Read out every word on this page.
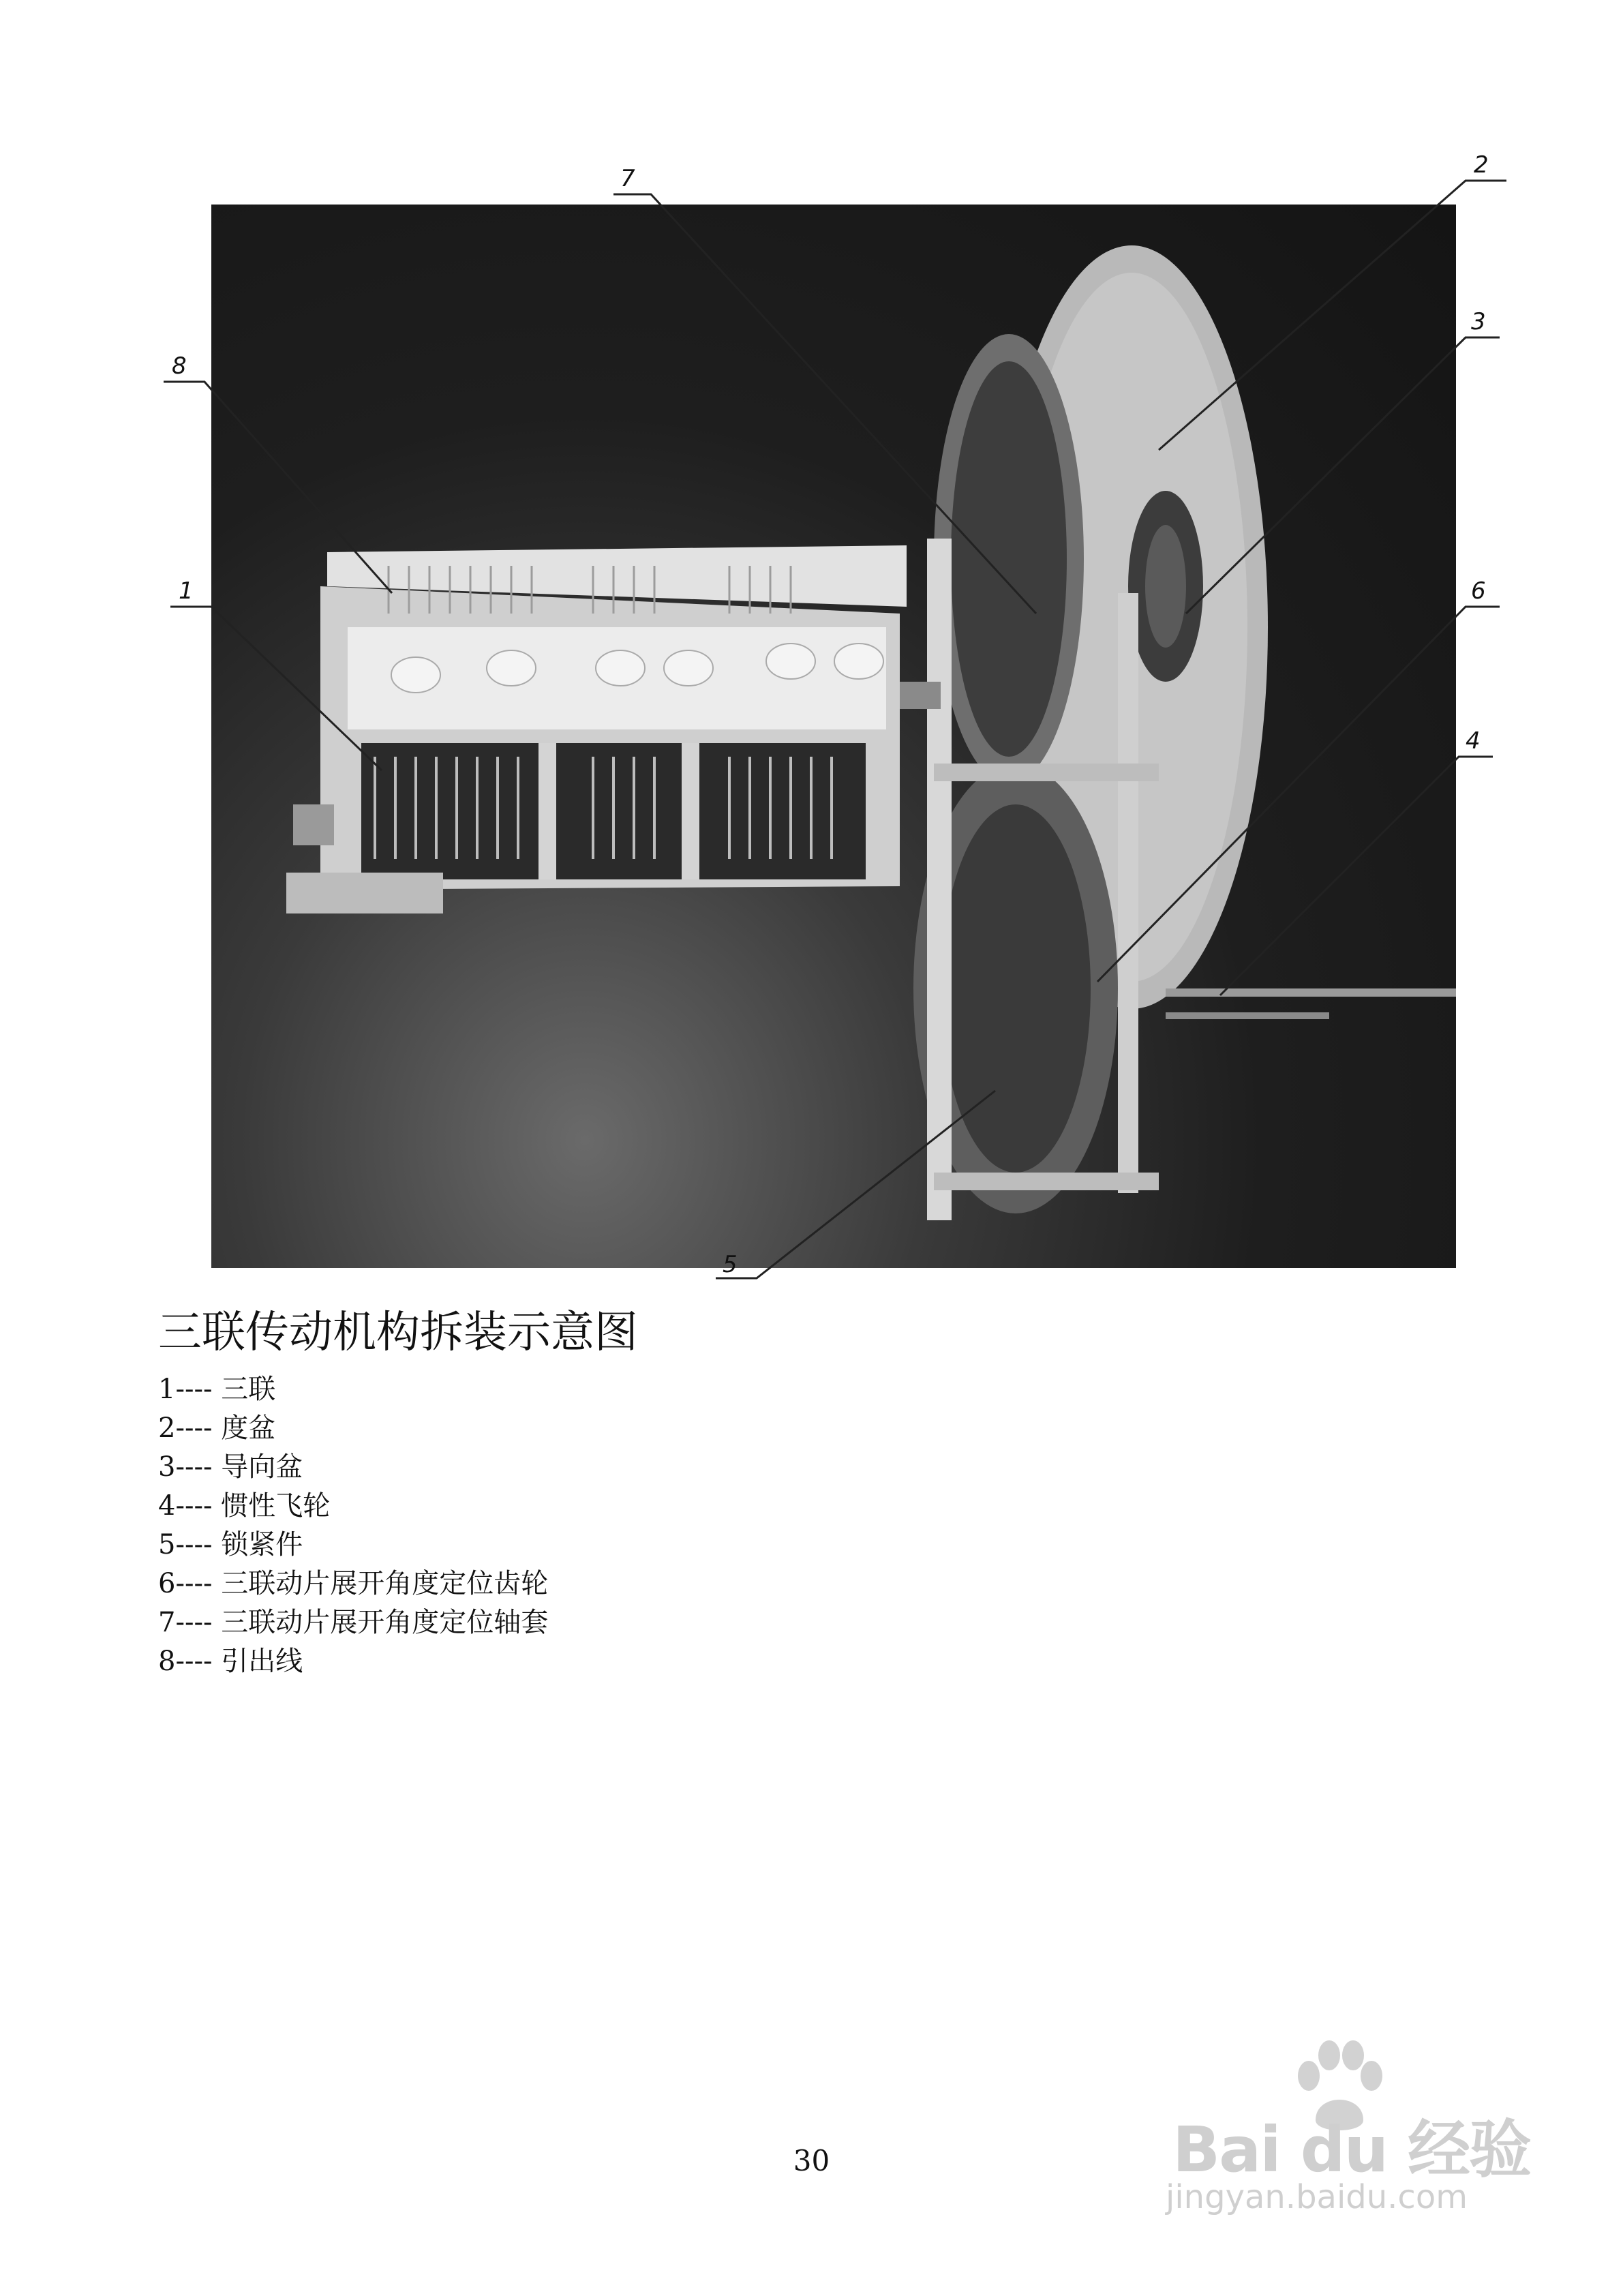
1
2
3
4
5
6
7
8
三联传动机构拆装示意图
1---- 三联
2---- 度盆
3---- 导向盆
4---- 惯性飞轮
5---- 锁紧件
6---- 三联动片展开角度定位齿轮
7---- 三联动片展开角度定位轴套
8---- 引出线
Bai du 经验
jingyan.baidu.com
30
